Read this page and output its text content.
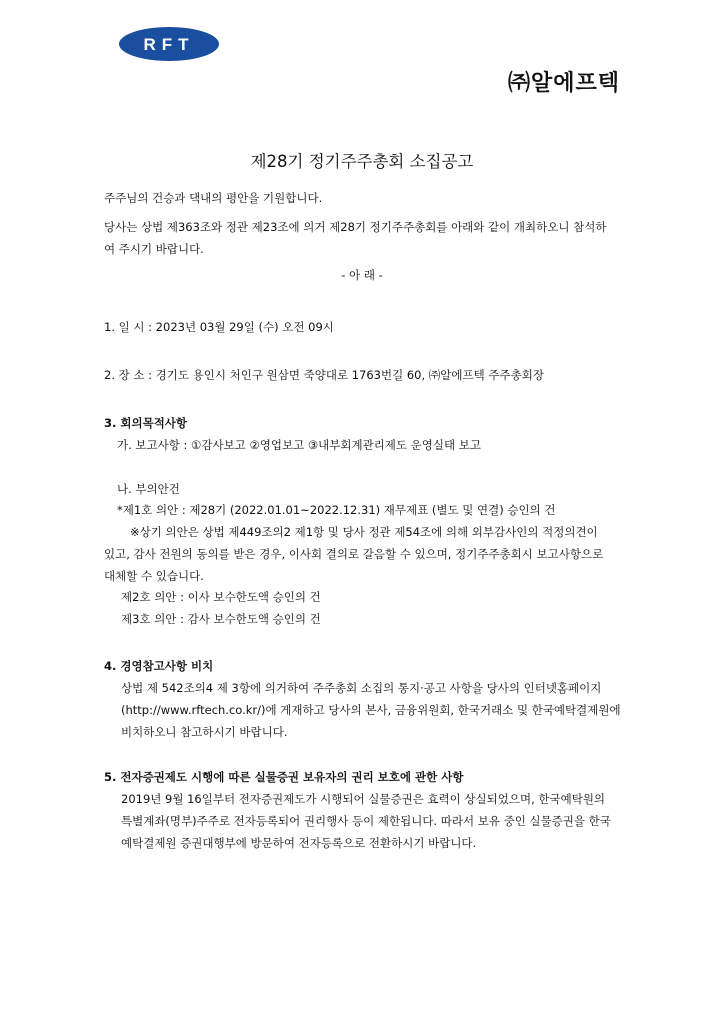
RFT
㈜알에프텍
제28기 정기주주총회 소집공고
주주님의 건승과 댁내의 평안을 기원합니다.
당사는 상법 제363조와 정관 제23조에 의거 제28기 정기주주총회를 아래와 같이 개최하오니 참석하
여 주시기 바랍니다.
- 아 래 -
1. 일 시 : 2023년 03월 29일 (수) 오전 09시
2. 장 소 : 경기도 용인시 처인구 원삼면 죽양대로 1763번길 60, ㈜알에프텍 주주총회장
3. 회의목적사항
가. 보고사항 : ①감사보고 ②영업보고 ③내부회계관리제도 운영실태 보고
나. 부의안건
*제1호 의안 : 제28기 (2022.01.01~2022.12.31) 재무제표 (별도 및 연결) 승인의 건
※상기 의안은 상법 제449조의2 제1항 및 당사 정관 제54조에 의해 외부감사인의 적정의견이
있고, 감사 전원의 동의를 받은 경우, 이사회 결의로 갈음할 수 있으며, 정기주주총회시 보고사항으로
대체할 수 있습니다.
제2호 의안 : 이사 보수한도액 승인의 건
제3호 의안 : 감사 보수한도액 승인의 건
4. 경영참고사항 비치
상법 제 542조의4 제 3항에 의거하여 주주총회 소집의 통지·공고 사항을 당사의 인터넷홈페이지
(http://www.rftech.co.kr/)에 게재하고 당사의 본사, 금융위원회, 한국거래소 및 한국예탁결제원에
비치하오니 참고하시기 바랍니다.
5. 전자증권제도 시행에 따른 실물증권 보유자의 권리 보호에 관한 사항
2019년 9월 16일부터 전자증권제도가 시행되어 실물증권은 효력이 상실되었으며, 한국예탁원의
특별계좌(명부)주주로 전자등록되어 권리행사 등이 제한됩니다. 따라서 보유 중인 실물증권을 한국
예탁결제원 증권대행부에 방문하여 전자등록으로 전환하시기 바랍니다.
